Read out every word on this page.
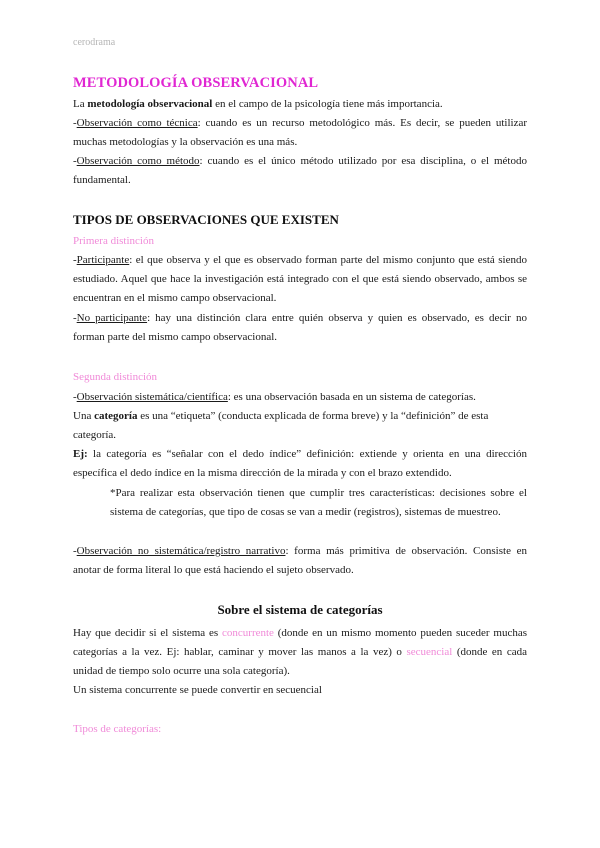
cerodrama
METODOLOGÍA OBSERVACIONAL
La metodología observacional en el campo de la psicología tiene más importancia.
-Observación como técnica: cuando es un recurso metodológico más. Es decir, se pueden utilizar muchas metodologías y la observación es una más.
-Observación como método: cuando es el único método utilizado por esa disciplina, o el método fundamental.
TIPOS DE OBSERVACIONES QUE EXISTEN
Primera distinción
-Participante: el que observa y el que es observado forman parte del mismo conjunto que está siendo estudiado. Aquel que hace la investigación está integrado con el que está siendo observado, ambos se encuentran en el mismo campo observacional.
-No participante: hay una distinción clara entre quién observa y quien es observado, es decir no forman parte del mismo campo observacional.
Segunda distinción
-Observación sistemática/científica: es una observación basada en un sistema de categorías.
Una categoría es una “etiqueta” (conducta explicada de forma breve) y la “definición” de esta categoría.
Ej: la categoría es “señalar con el dedo índice” definición: extiende y orienta en una dirección específica el dedo índice en la misma dirección de la mirada y con el brazo extendido.
*Para realizar esta observación tienen que cumplir tres características: decisiones sobre el sistema de categorías, que tipo de cosas se van a medir (registros), sistemas de muestreo.
-Observación no sistemática/registro narrativo: forma más primitiva de observación. Consiste en anotar de forma literal lo que está haciendo el sujeto observado.
Sobre el sistema de categorías
Hay que decidir si el sistema es concurrente (donde en un mismo momento pueden suceder muchas categorías a la vez. Ej: hablar, caminar y mover las manos a la vez) o secuencial (donde en cada unidad de tiempo solo ocurre una sola categoría).
Un sistema concurrente se puede convertir en secuencial
Tipos de categorías:
